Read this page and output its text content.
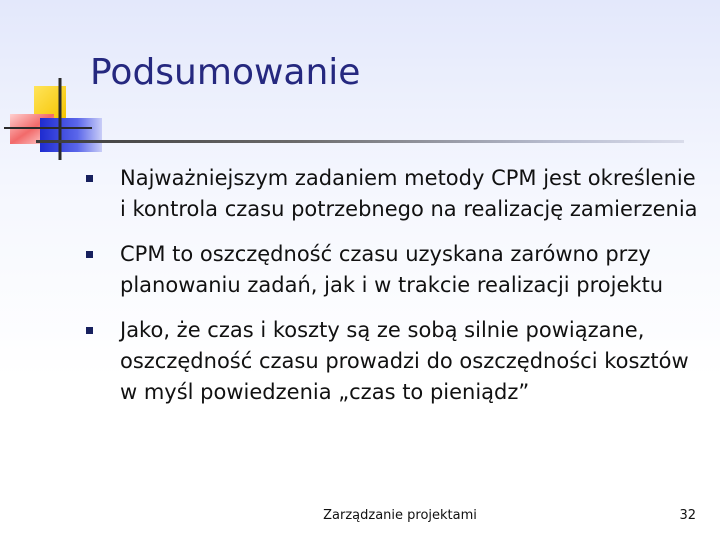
Podsumowanie
Najważniejszym zadaniem metody CPM jest określenie i kontrola czasu potrzebnego na realizację zamierzenia
CPM to oszczędność czasu uzyskana zarówno przy planowaniu zadań, jak i w trakcie realizacji projektu
Jako, że czas i koszty są ze sobą silnie powiązane, oszczędność czasu prowadzi do oszczędności kosztów w myśl powiedzenia „czas to pieniądz”
Zarządzanie projektami	32
